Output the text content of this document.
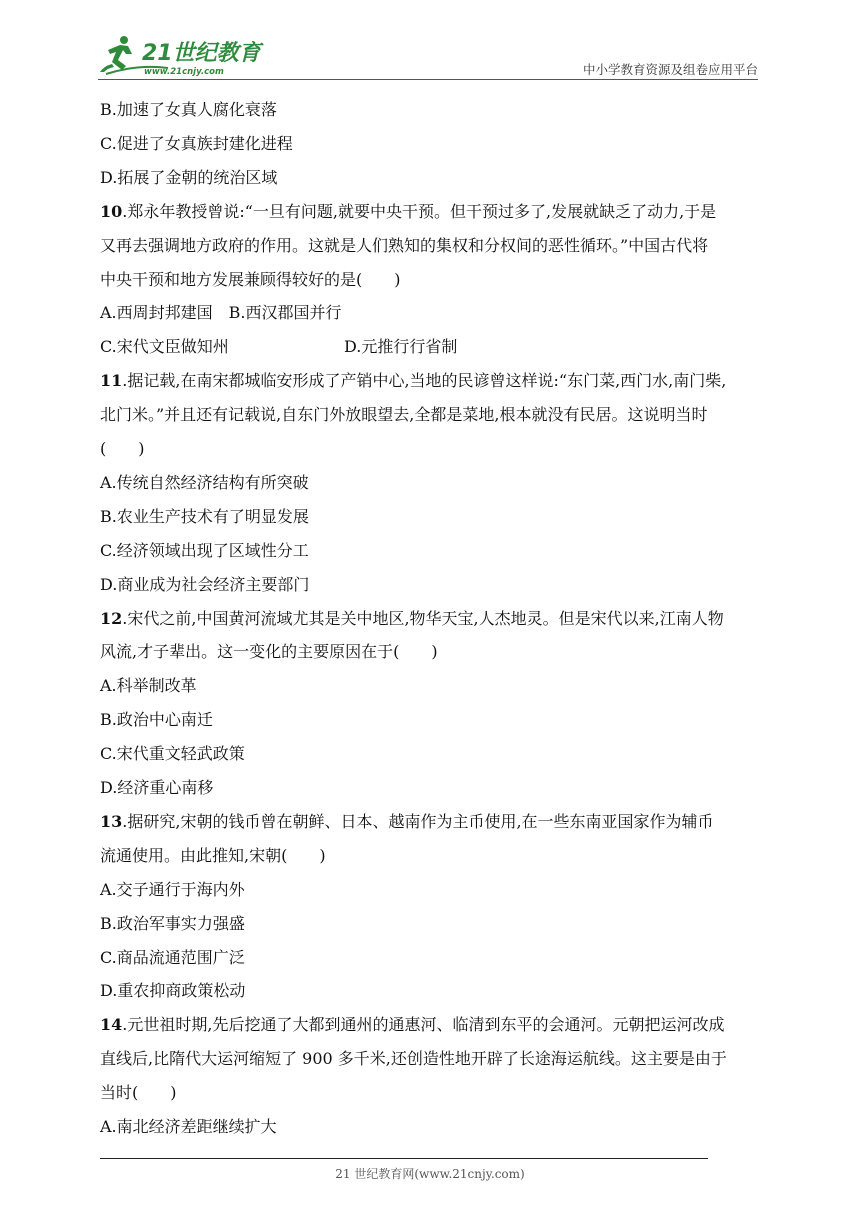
21世纪教育
www.21cnjy.com	中小学教育资源及组卷应用平台
B.加速了女真人腐化衰落
C.促进了女真族封建化进程
D.拓展了金朝的统治区域
10.郑永年教授曾说:“一旦有问题,就要中央干预。但干预过多了,发展就缺乏了动力,于是
又再去强调地方政府的作用。这就是人们熟知的集权和分权间的恶性循环。”中国古代将
中央干预和地方发展兼顾得较好的是(　　)
A.西周封邦建国　B.西汉郡国并行
C.宋代文臣做知州	D.元推行行省制
11.据记载,在南宋都城临安形成了产销中心,当地的民谚曾这样说:“东门菜,西门水,南门柴,
北门米。”并且还有记载说,自东门外放眼望去,全都是菜地,根本就没有民居。这说明当时
(　　)
A.传统自然经济结构有所突破
B.农业生产技术有了明显发展
C.经济领域出现了区域性分工
D.商业成为社会经济主要部门
12.宋代之前,中国黄河流域尤其是关中地区,物华天宝,人杰地灵。但是宋代以来,江南人物
风流,才子辈出。这一变化的主要原因在于(　　)
A.科举制改革
B.政治中心南迁
C.宋代重文轻武政策
D.经济重心南移
13.据研究,宋朝的钱币曾在朝鲜、日本、越南作为主币使用,在一些东南亚国家作为辅币
流通使用。由此推知,宋朝(　　)
A.交子通行于海内外
B.政治军事实力强盛
C.商品流通范围广泛
D.重农抑商政策松动
14.元世祖时期,先后挖通了大都到通州的通惠河、临清到东平的会通河。元朝把运河改成
直线后,比隋代大运河缩短了 900 多千米,还创造性地开辟了长途海运航线。这主要是由于
当时(　　)
A.南北经济差距继续扩大
21 世纪教育网(www.21cnjy.com)
